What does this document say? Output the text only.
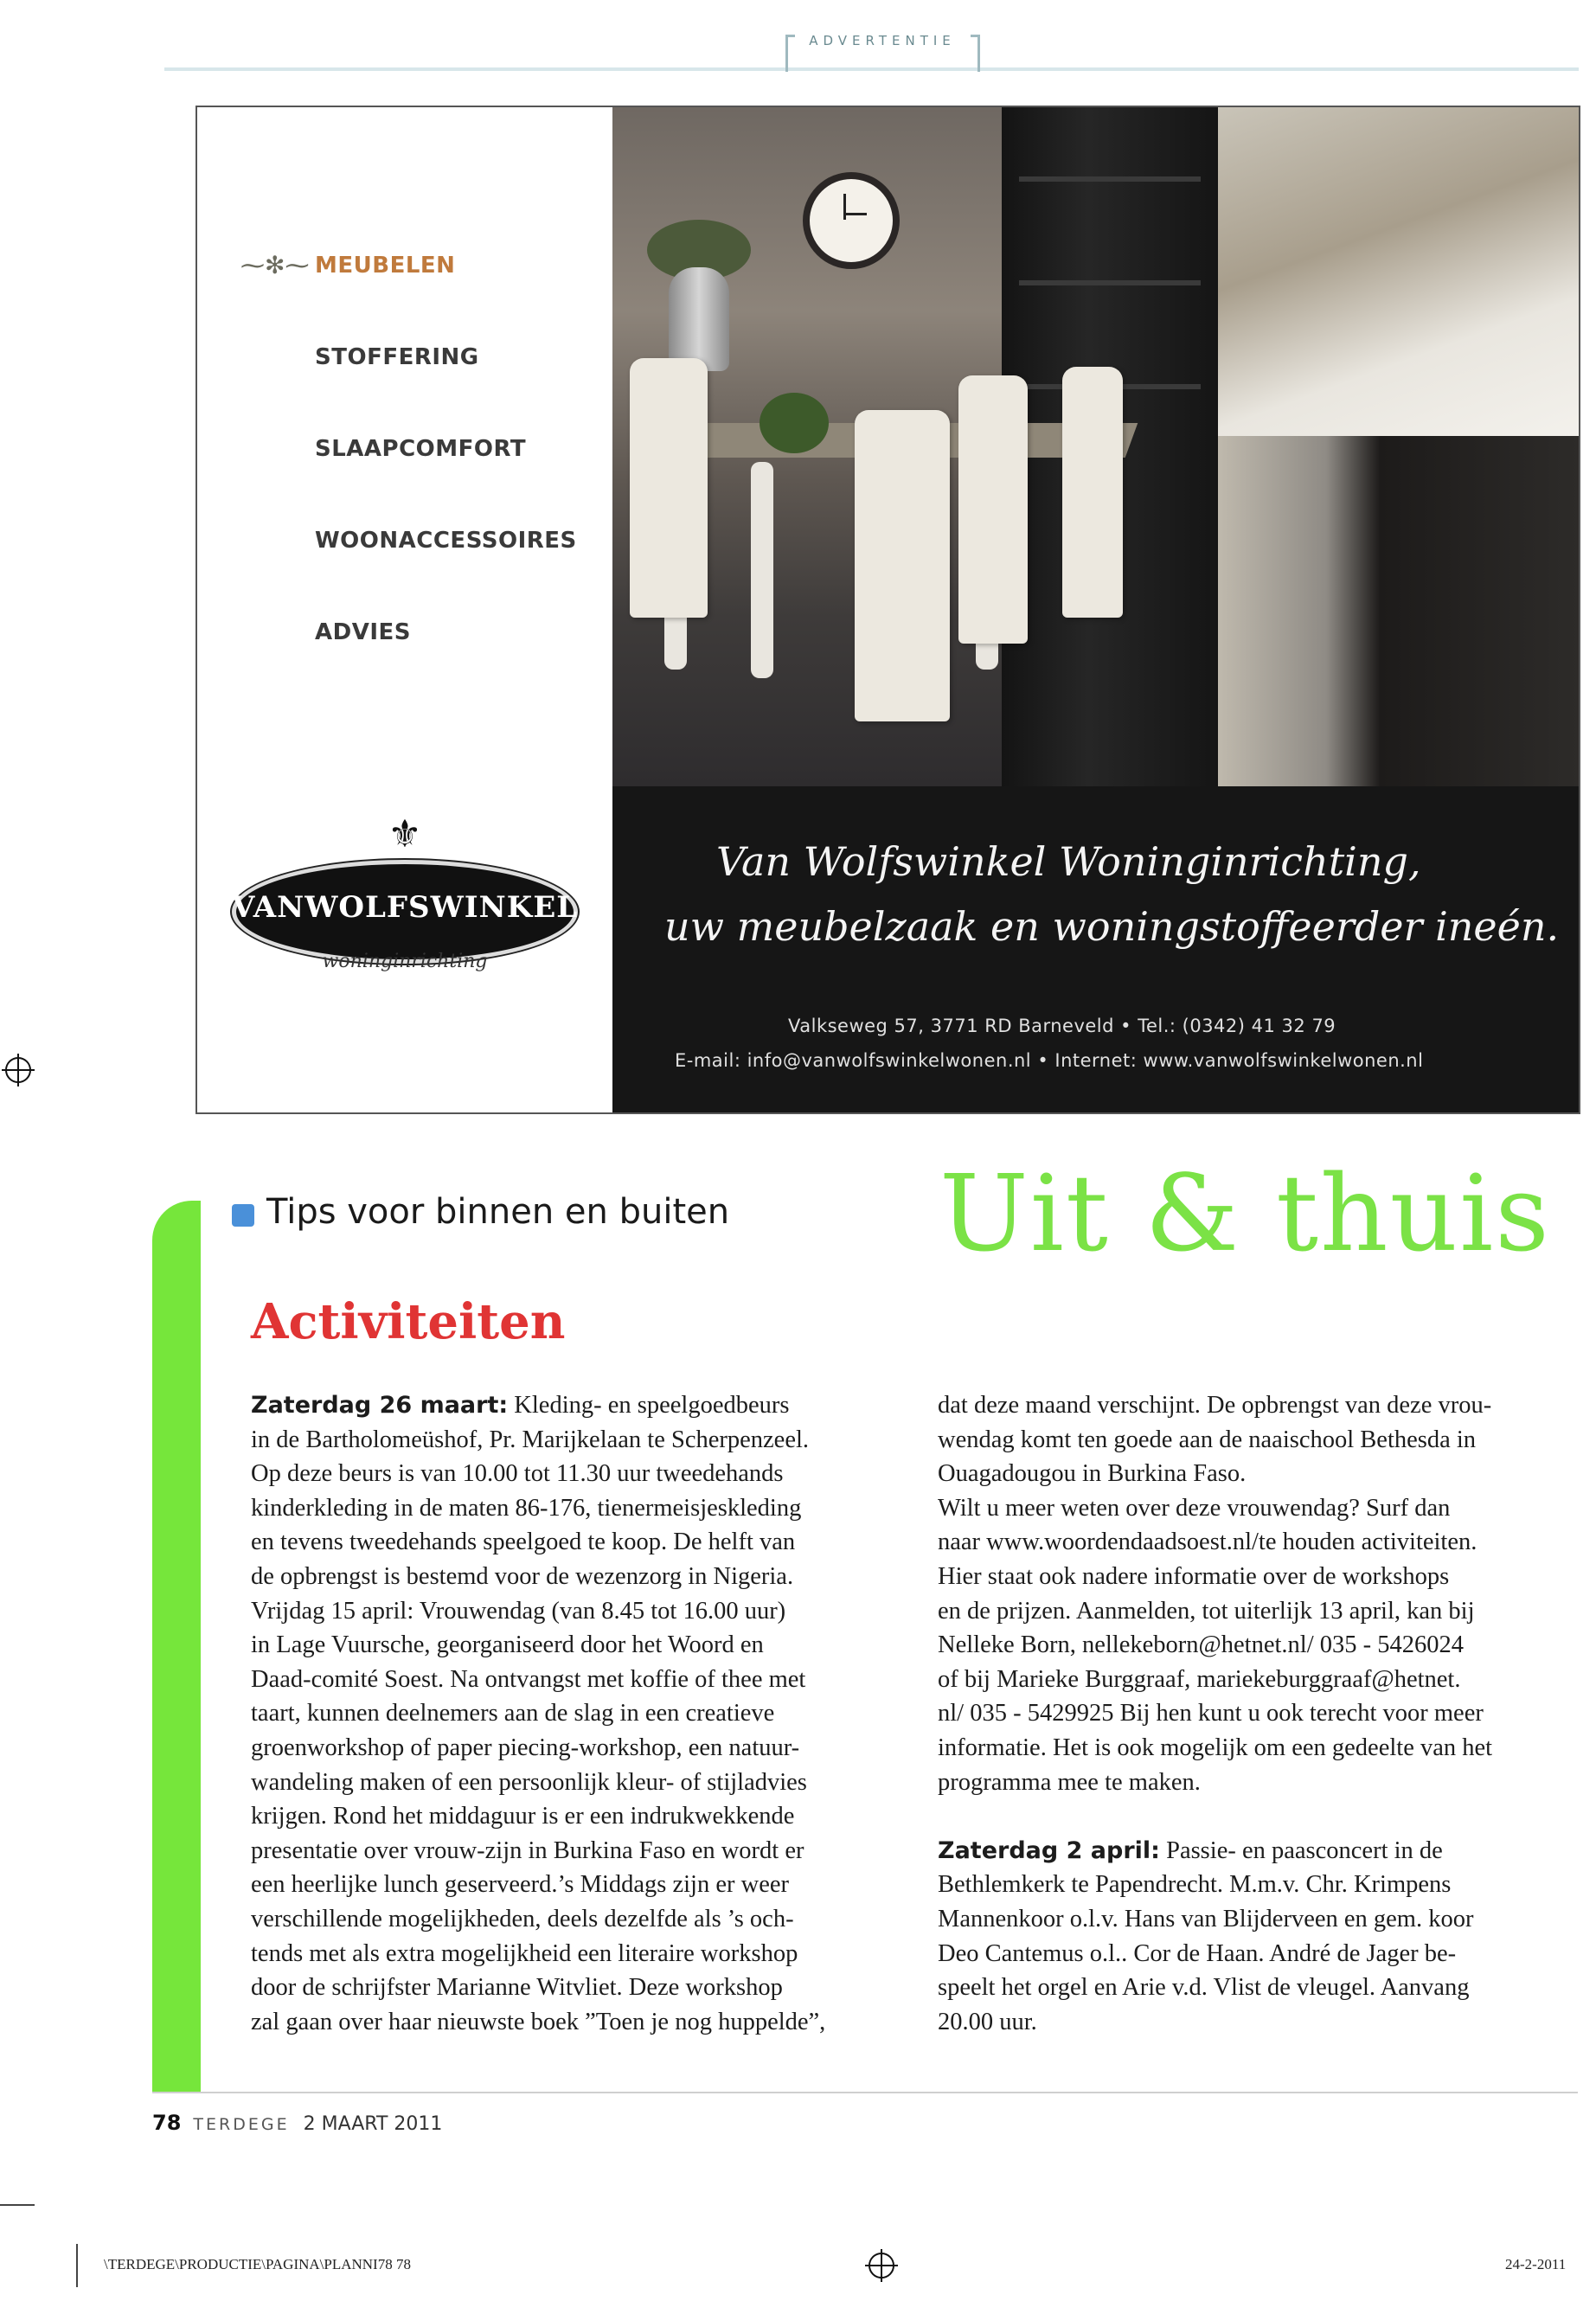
ADVERTENTIE
⁓✻⁓ MEUBELEN
STOFFERING
SLAAPCOMFORT
WOONACCESSOIRES
ADVIES
⚜
VANWOLFSWINKEL
woninginrichting
Van Wolfswinkel Woninginrichting,
uw meubelzaak en woningstoffeerder ineén.
Valkseweg 57, 3771 RD Barneveld • Tel.: (0342) 41 32 79
E-mail: info@vanwolfswinkelwonen.nl • Internet: www.vanwolfswinkelwonen.nl
Tips voor binnen en buiten Uit & thuis
Activiteiten

Zaterdag 26 maart: Kleding- en speelgoedbeurs

in de Bartholomeüshof, Pr. Marijkelaan te Scherpenzeel.

Op deze beurs is van 10.00 tot 11.30 uur tweedehands

kinderkleding in de maten 86-176, tienermeisjeskleding

en tevens tweedehands speelgoed te koop. De helft van

de opbrengst is bestemd voor de wezenzorg in Nigeria.

Vrijdag 15 april: Vrouwendag (van 8.45 tot 16.00 uur)

in Lage Vuursche, georganiseerd door het Woord en

Daad-comité Soest. Na ontvangst met koffie of thee met

taart, kunnen deelnemers aan de slag in een creatieve

groenworkshop of paper piecing-workshop, een natuur-

wandeling maken of een persoonlijk kleur- of stijladvies

krijgen. Rond het middaguur is er een indrukwekkende

presentatie over vrouw-zijn in Burkina Faso en wordt er

een heerlijke lunch geserveerd.’s Middags zijn er weer

verschillende mogelijkheden, deels dezelfde als ’s och-

tends met als extra mogelijkheid een literaire workshop

door de schrijfster Marianne Witvliet. Deze workshop

zal gaan over haar nieuwste boek ”Toen je nog huppelde”,

dat deze maand verschijnt. De opbrengst van deze vrou-

wendag komt ten goede aan de naaischool Bethesda in

Ouagadougou in Burkina Faso.

Wilt u meer weten over deze vrouwendag? Surf dan

naar www.woordendaadsoest.nl/te houden activiteiten.

Hier staat ook nadere informatie over de workshops

en de prijzen. Aanmelden, tot uiterlijk 13 april, kan bij

Nelleke Born, nellekeborn@hetnet.nl/ 035 - 5426024

of bij Marieke Burggraaf, mariekeburggraaf@hetnet.

nl/ 035 - 5429925 Bij hen kunt u ook terecht voor meer

informatie. Het is ook mogelijk om een gedeelte van het

programma mee te maken.

Zaterdag 2 april: Passie- en paasconcert in de

Bethlemkerk te Papendrecht. M.m.v. Chr. Krimpens

Mannenkoor o.l.v. Hans van Blijderveen en gem. koor

Deo Cantemus o.l.. Cor de Haan. André de Jager be-

speelt het orgel en Arie v.d. Vlist de vleugel. Aanvang

20.00 uur.

78 TERDEGE 2 MAART 2011
\TERDEGE\PRODUCTIE\PAGINA\PLANNI78 78	24-2-2011
